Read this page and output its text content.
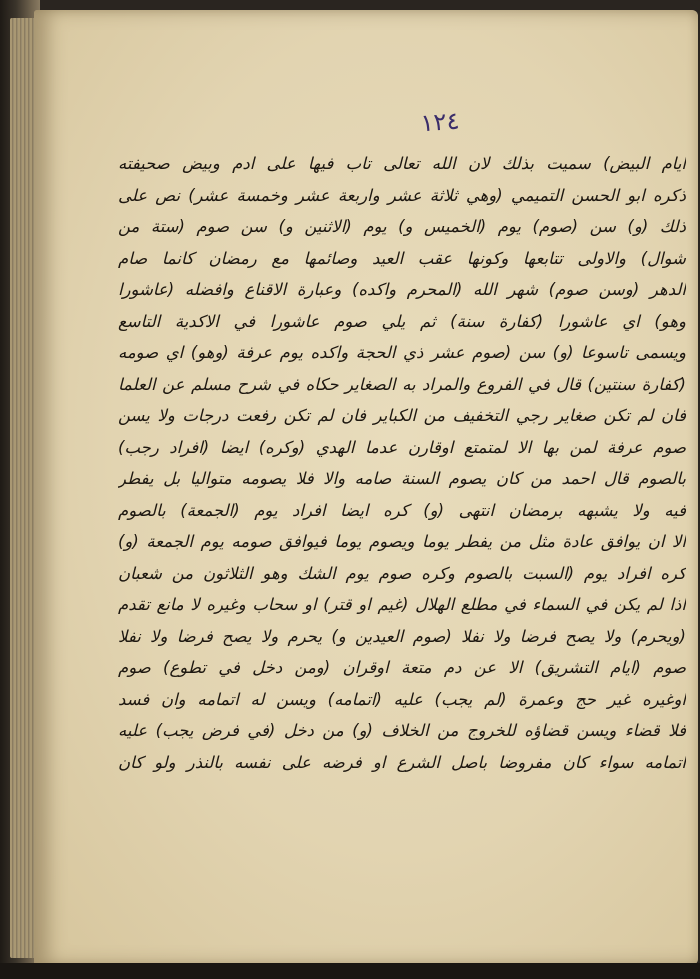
١٢٤
ايام البيض) سميت بذلك لان الله تعالى تاب فيها على ادم وبيض صحيفته
ذكره ابو الحسن التميمي (وهي ثلاثة عشر واربعة عشر وخمسة عشر) نص على
ذلك (و) سن (صوم) يوم (الخميس و) يوم (الاثنين و) سن صوم (ستة من
شوال) والاولى تتابعها وكونها عقب العيد وصائمها مع رمضان كانما صام
الدهر (وسن صوم) شهر الله (المحرم واكده) وعبارة الاقناع وافضله (عاشورا
وهو) اي عاشورا (كفارة سنة) ثم يلي صوم عاشورا في الاكدية التاسع
ويسمى تاسوعا (و) سن (صوم عشر ذي الحجة واكده يوم عرفة (وهو) اي صومه
(كفارة سنتين) قال في الفروع والمراد به الصغاير حكاه في شرح مسلم عن العلما
فان لم تكن صغاير رجي التخفيف من الكباير فان لم تكن رفعت درجات ولا يسن
صوم عرفة لمن بها الا لمتمتع اوقارن عدما الهدي (وكره) ايضا (افراد رجب)
بالصوم قال احمد من كان يصوم السنة صامه والا فلا يصومه متواليا بل يفطر
فيه ولا يشبهه برمضان انتهى (و) كره ايضا افراد يوم (الجمعة) بالصوم
الا ان يوافق عادة مثل من يفطر يوما ويصوم يوما فيوافق صومه يوم الجمعة (و)
كره افراد يوم (السبت بالصوم وكره صوم يوم الشك وهو الثلاثون من شعبان
اذا لم يكن في السماء في مطلع الهلال (غيم او قتر) او سحاب وغيره لا مانع تقدم
(ويحرم) ولا يصح فرضا ولا نفلا (صوم العيدين و) يحرم ولا يصح فرضا ولا نفلا
صوم (ايام التشريق) الا عن دم متعة اوقران (ومن دخل في تطوع) صوم
اوغيره غير حج وعمرة (لم يجب) عليه (اتمامه) ويسن له اتمامه وان فسد
فلا قضاء ويسن قضاؤه للخروج من الخلاف (و) من دخل (في فرض يجب) عليه
اتمامه سواء كان مفروضا باصل الشرع او فرضه على نفسه بالنذر ولو كان
